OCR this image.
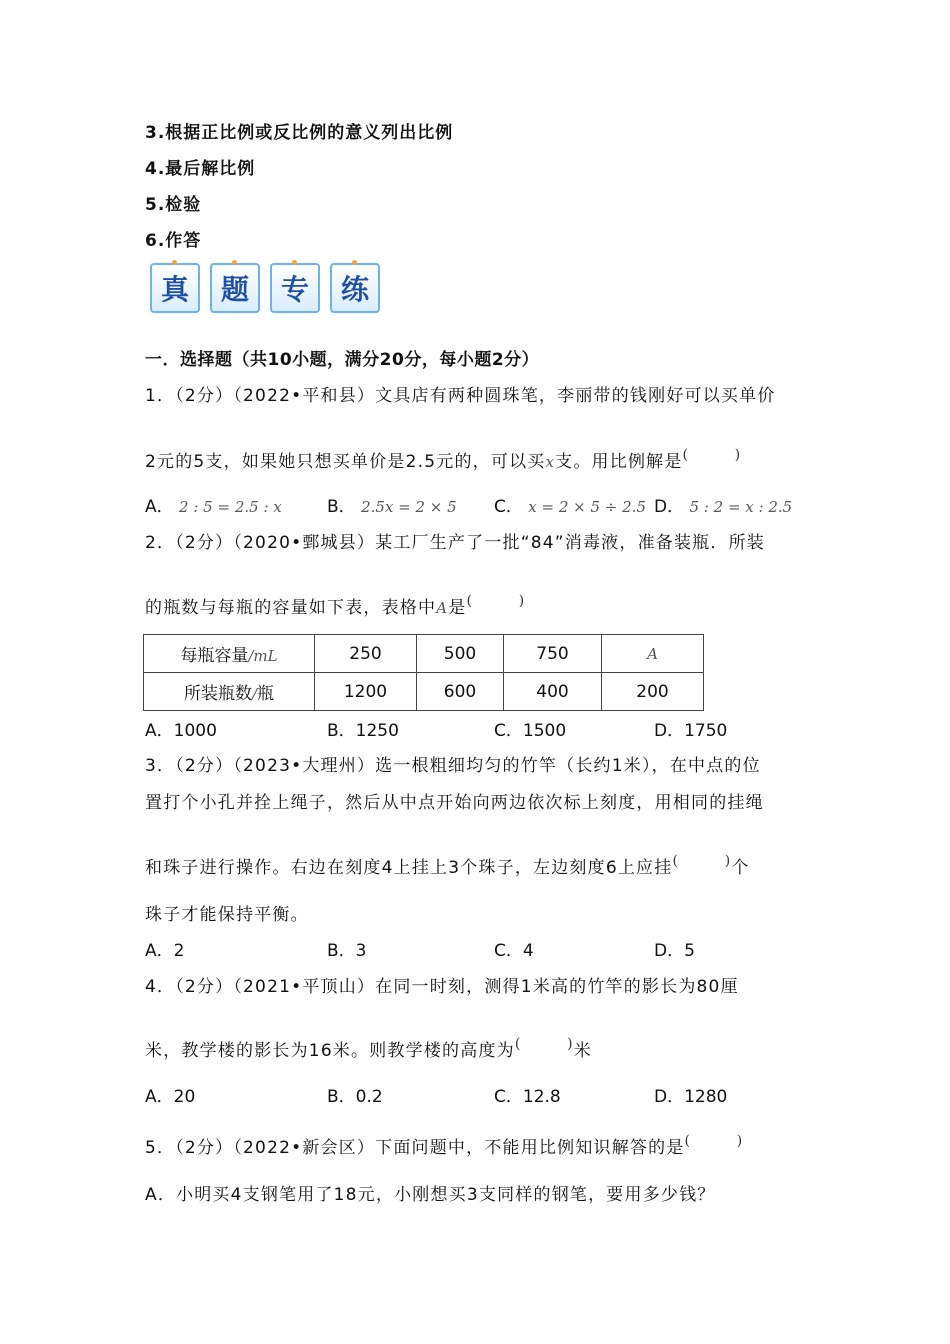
3.根据正比例或反比例的意义列出比例
4.最后解比例
5.检验
6.作答
真 题 专 练
一．选择题（共10小题，满分20分，每小题2分）
1．（2分）（2022•平和县）文具店有两种圆珠笔，李丽带的钱刚好可以买单价
2元的5支，如果她只想买单价是2.5元的，可以买x支。用比例解是(　　　)
A． 2 : 5 = 2.5 : x	B． 2.5x = 2 × 5 C． x = 2 × 5 ÷ 2.5 D． 5 : 2 = x : 2.5
2．（2分）（2020•鄄城县）某工厂生产了一批“84”消毒液，准备装瓶．所装
的瓶数与每瓶的容量如下表，表格中A是(　　　)
每瓶容量/mL	250	500	750	A
所装瓶数/瓶	1200	600	400	200
A．1000	B．1250	C．1500	D．1750
3．（2分）（2023•大理州）选一根粗细均匀的竹竿（长约1米），在中点的位
置打个小孔并拴上绳子，然后从中点开始向两边依次标上刻度，用相同的挂绳
和珠子进行操作。右边在刻度4上挂上3个珠子，左边刻度6上应挂(　　　)个
珠子才能保持平衡。
A．2	B．3	C．4	D．5
4．（2分）（2021•平顶山）在同一时刻，测得1米高的竹竿的影长为80厘
米，教学楼的影长为16米。则教学楼的高度为(　　　)米
A．20	B．0.2	C．12.8	D．1280
5．（2分）（2022•新会区）下面问题中，不能用比例知识解答的是(　　　)
A．小明买4支钢笔用了18元，小刚想买3支同样的钢笔，要用多少钱？
